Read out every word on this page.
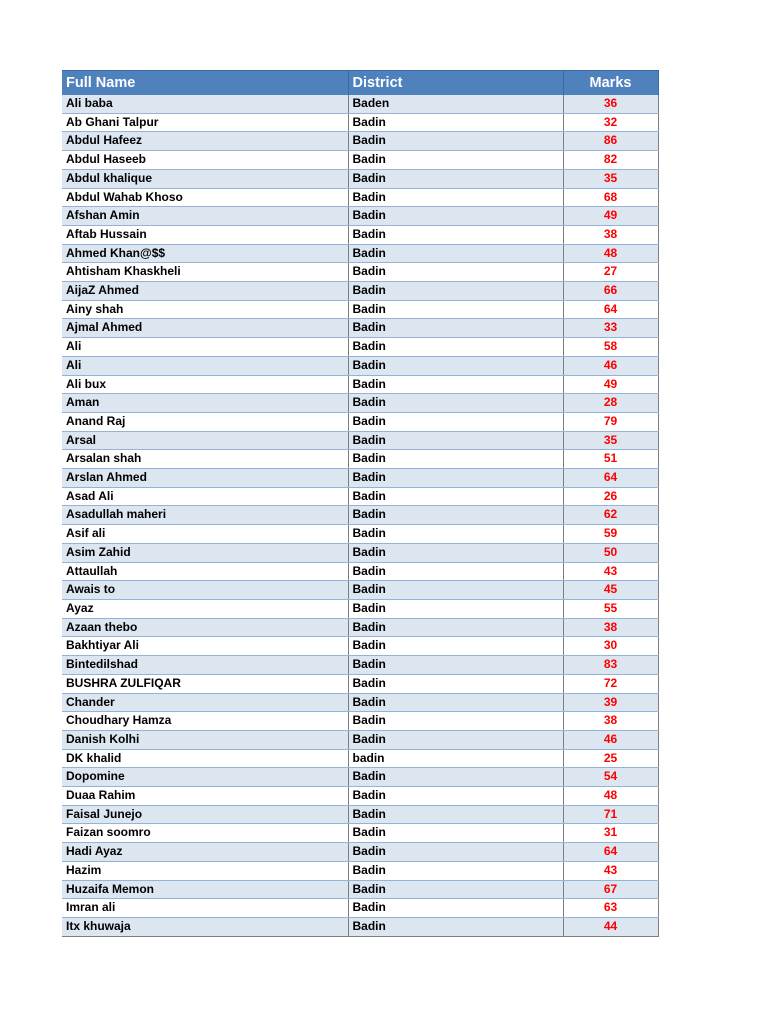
Full Name	District	Marks
Ali baba	Baden	36
Ab Ghani Talpur	Badin	32
Abdul Hafeez	Badin	86
Abdul Haseeb	Badin	82
Abdul khalique	Badin	35
Abdul Wahab Khoso	Badin	68
Afshan Amin	Badin	49
Aftab Hussain	Badin	38
Ahmed Khan@$$	Badin	48
Ahtisham Khaskheli	Badin	27
AijaZ Ahmed	Badin	66
Ainy shah	Badin	64
Ajmal Ahmed	Badin	33
Ali	Badin	58
Ali	Badin	46
Ali bux	Badin	49
Aman	Badin	28
Anand Raj	Badin	79
Arsal	Badin	35
Arsalan shah	Badin	51
Arslan Ahmed	Badin	64
Asad Ali	Badin	26
Asadullah maheri	Badin	62
Asif ali	Badin	59
Asim Zahid	Badin	50
Attaullah	Badin	43
Awais to	Badin	45
Ayaz	Badin	55
Azaan thebo	Badin	38
Bakhtiyar Ali	Badin	30
Bintedilshad	Badin	83
BUSHRA ZULFIQAR	Badin	72
Chander	Badin	39
Choudhary Hamza	Badin	38
Danish Kolhi	Badin	46
DK khalid	badin	25
Dopomine	Badin	54
Duaa Rahim	Badin	48
Faisal Junejo	Badin	71
Faizan soomro	Badin	31
Hadi Ayaz	Badin	64
Hazim	Badin	43
Huzaifa Memon	Badin	67
Imran ali	Badin	63
Itx khuwaja	Badin	44
